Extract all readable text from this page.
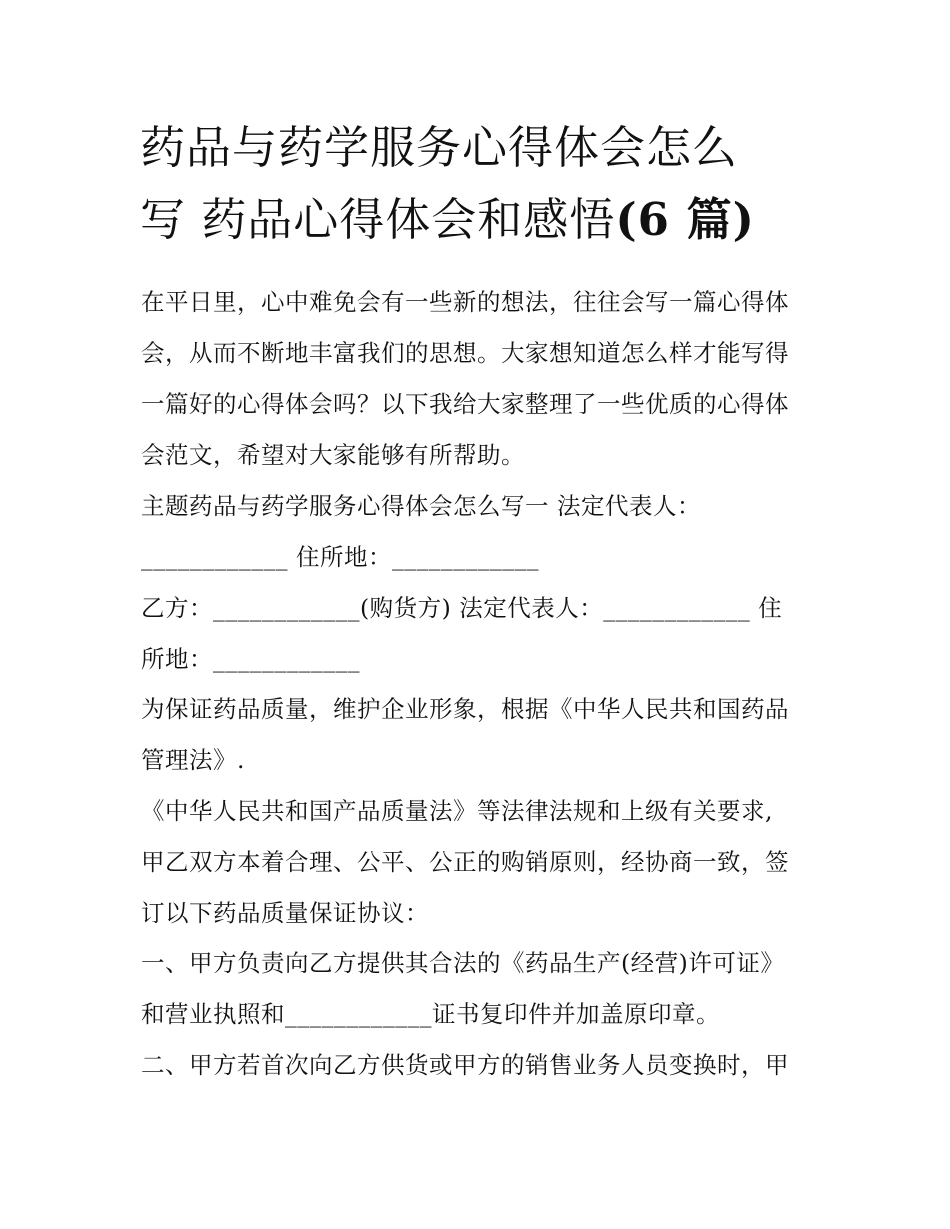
药品与药学服务心得体会怎么
写 药品心得体会和感悟(6 篇)
在平日里，心中难免会有一些新的想法，往往会写一篇心得体
会，从而不断地丰富我们的思想。大家想知道怎么样才能写得
一篇好的心得体会吗？以下我给大家整理了一些优质的心得体
会范文，希望对大家能够有所帮助。
主题药品与药学服务心得体会怎么写一 法定代表人：
____________ 住所地：____________
乙方：____________(购货方) 法定代表人：____________ 住
所地：____________
为保证药品质量，维护企业形象，根据《中华人民共和国药品
管理法》.
《中华人民共和国产品质量法》等法律法规和上级有关要求,
甲乙双方本着合理、公平、公正的购销原则，经协商一致，签
订以下药品质量保证协议：
一、甲方负责向乙方提供其合法的《药品生产(经营)许可证》
和营业执照和____________证书复印件并加盖原印章。
二、甲方若首次向乙方供货或甲方的销售业务人员变换时，甲
